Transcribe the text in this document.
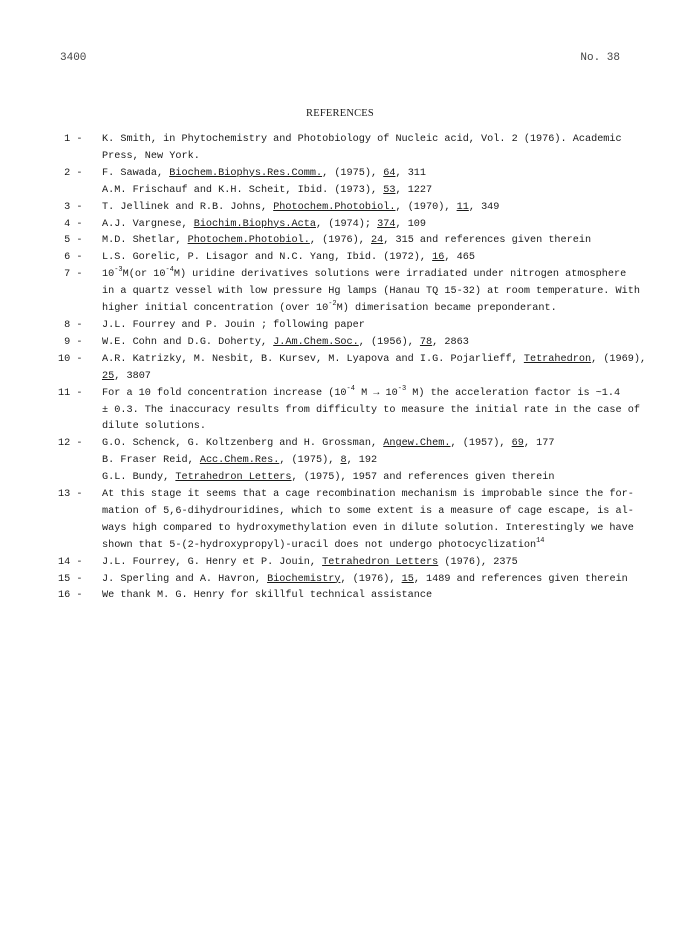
3400	No. 38
REFERENCES
1 -	K. Smith, in Phytochemistry and Photobiology of Nucleic acid, Vol. 2 (1976). Academic
Press, New York.
2 -	F. Sawada, Biochem.Biophys.Res.Comm., (1975), 64, 311
A.M. Frischauf and K.H. Scheit, Ibid. (1973), 53, 1227
3 -	T. Jellinek and R.B. Johns, Photochem.Photobiol., (1970), 11, 349
4 -	A.J. Vargnese, Biochim.Biophys.Acta, (1974); 374, 109
5 -	M.D. Shetlar, Photochem.Photobiol., (1976), 24, 315 and references given therein
6 -	L.S. Gorelic, P. Lisagor and N.C. Yang, Ibid. (1972), 16, 465
7 -	$10^{-3}M(or$ $10^{-4}M$) uridine derivatives solutions were irradiated under nitrogen atmosphere
in a quartz vessel with low pressure Hg lamps (Hanau TQ 15-32) at room temperature. With
higher initial concentration (over $10^{-2}M$) dimerisation became preponderant.
8 -	J.L. Fourrey and P. Jouin ; following paper
9 -	W.E. Cohn and D.G. Doherty, J.Am.Chem.Soc., (1956), 78, 2863
10 -	A.R. Katrizky, M. Nesbit, B. Kursev, M. Lyapova and I.G. Pojarlieff, Tetrahedron, (1969),
25, 3807
11 -	For a 10 fold concentration increase ($10^{-4}$ $M \to 10^{-3}$ M) the acceleration factor is ~1.4
± 0.3. The inaccuracy results from difficulty to measure the initial rate in the case of
dilute solutions.
12 -	G.O. Schenck, G. Koltzenberg and H. Grossman, Angew.Chem., (1957), 69, 177
B. Fraser Reid, Acc.Chem.Res., (1975), 8, 192
G.L. Bundy, Tetrahedron Letters, (1975), 1957 and references given therein
13 -	At this stage it seems that a cage recombination mechanism is improbable since the for-
mation of 5,6-dihydrouridines, which to some extent is a measure of cage escape, is al-
ways high compared to hydroxymethylation even in dilute solution. Interestingly we have
shown that 5-(2-hydroxypropyl)-uracil does not undergo photocyclization$^{14}$
14 -	J.L. Fourrey, G. Henry et P. Jouin, Tetrahedron Letters (1976), 2375
15 -	J. Sperling and A. Havron, Biochemistry, (1976), 15, 1489 and references given therein
16 -	We thank M. G. Henry for skillful technical assistance
